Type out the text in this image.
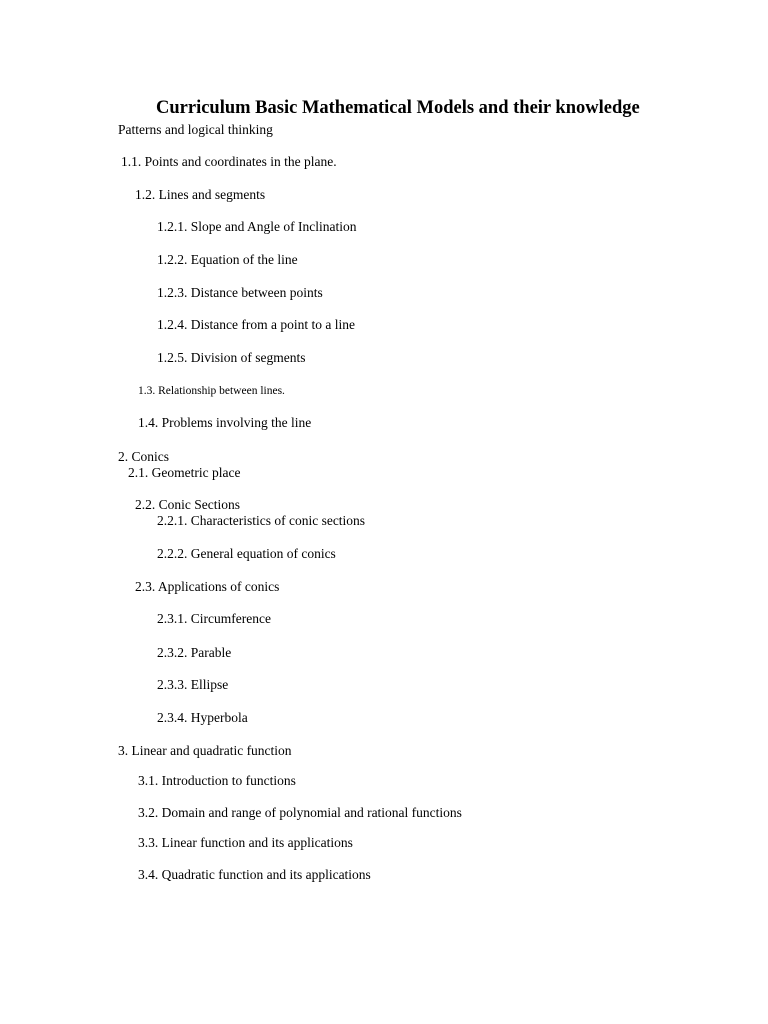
Curriculum Basic Mathematical Models and their knowledge
Patterns and logical thinking
1.1. Points and coordinates in the plane.
1.2. Lines and segments
1.2.1. Slope and Angle of Inclination
1.2.2. Equation of the line
1.2.3. Distance between points
1.2.4. Distance from a point to a line
1.2.5. Division of segments
1.3. Relationship between lines.
1.4. Problems involving the line
2. Conics
2.1. Geometric place
2.2. Conic Sections
2.2.1. Characteristics of conic sections
2.2.2. General equation of conics
2.3. Applications of conics
2.3.1. Circumference
2.3.2. Parable
2.3.3. Ellipse
2.3.4. Hyperbola
3. Linear and quadratic function
3.1. Introduction to functions
3.2. Domain and range of polynomial and rational functions
3.3. Linear function and its applications
3.4. Quadratic function and its applications
